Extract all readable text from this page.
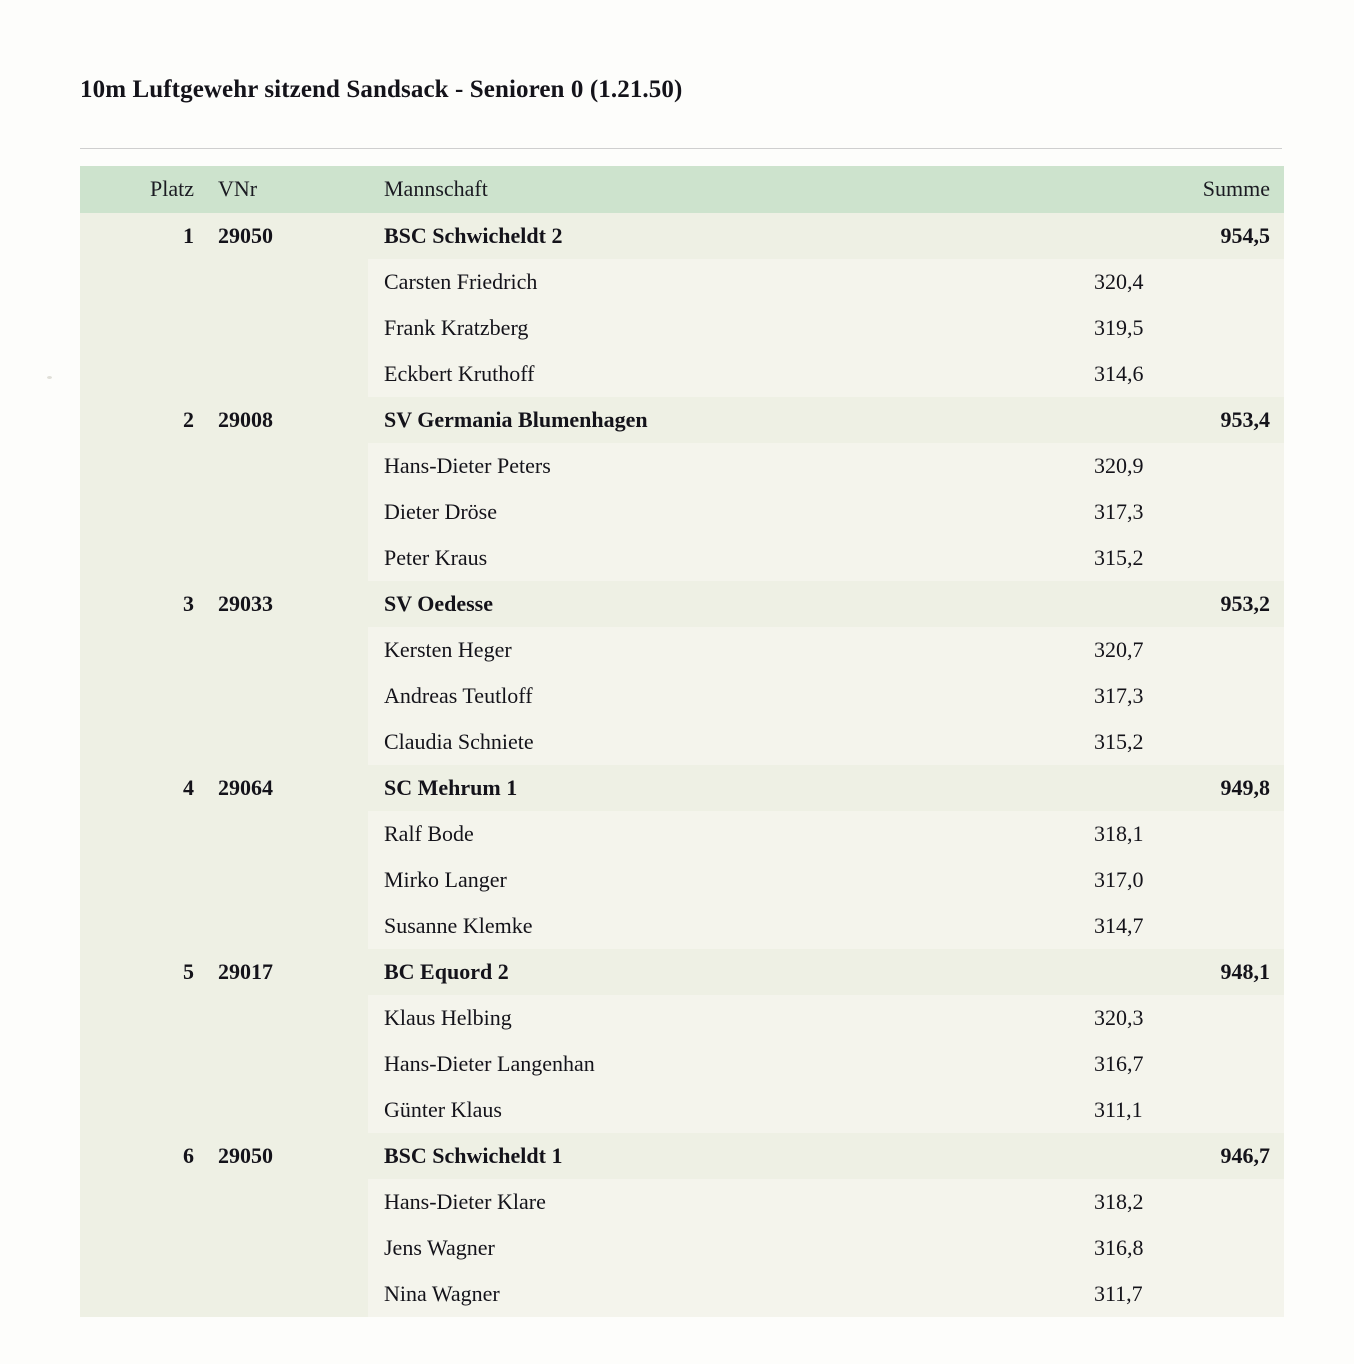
10m Luftgewehr sitzend Sandsack - Senioren 0 (1.21.50)
Platz	VNr	Mannschaft	Summe
1	29050	BSC Schwicheldt 2	954,5
		Carsten Friedrich	320,4
		Frank Kratzberg	319,5
		Eckbert Kruthoff	314,6
2	29008	SV Germania Blumenhagen	953,4
		Hans-Dieter Peters	320,9
		Dieter Dröse	317,3
		Peter Kraus	315,2
3	29033	SV Oedesse	953,2
		Kersten Heger	320,7
		Andreas Teutloff	317,3
		Claudia Schniete	315,2
4	29064	SC Mehrum 1	949,8
		Ralf Bode	318,1
		Mirko Langer	317,0
		Susanne Klemke	314,7
5	29017	BC Equord 2	948,1
		Klaus Helbing	320,3
		Hans-Dieter Langenhan	316,7
		Günter Klaus	311,1
6	29050	BSC Schwicheldt 1	946,7
		Hans-Dieter Klare	318,2
		Jens Wagner	316,8
		Nina Wagner	311,7
